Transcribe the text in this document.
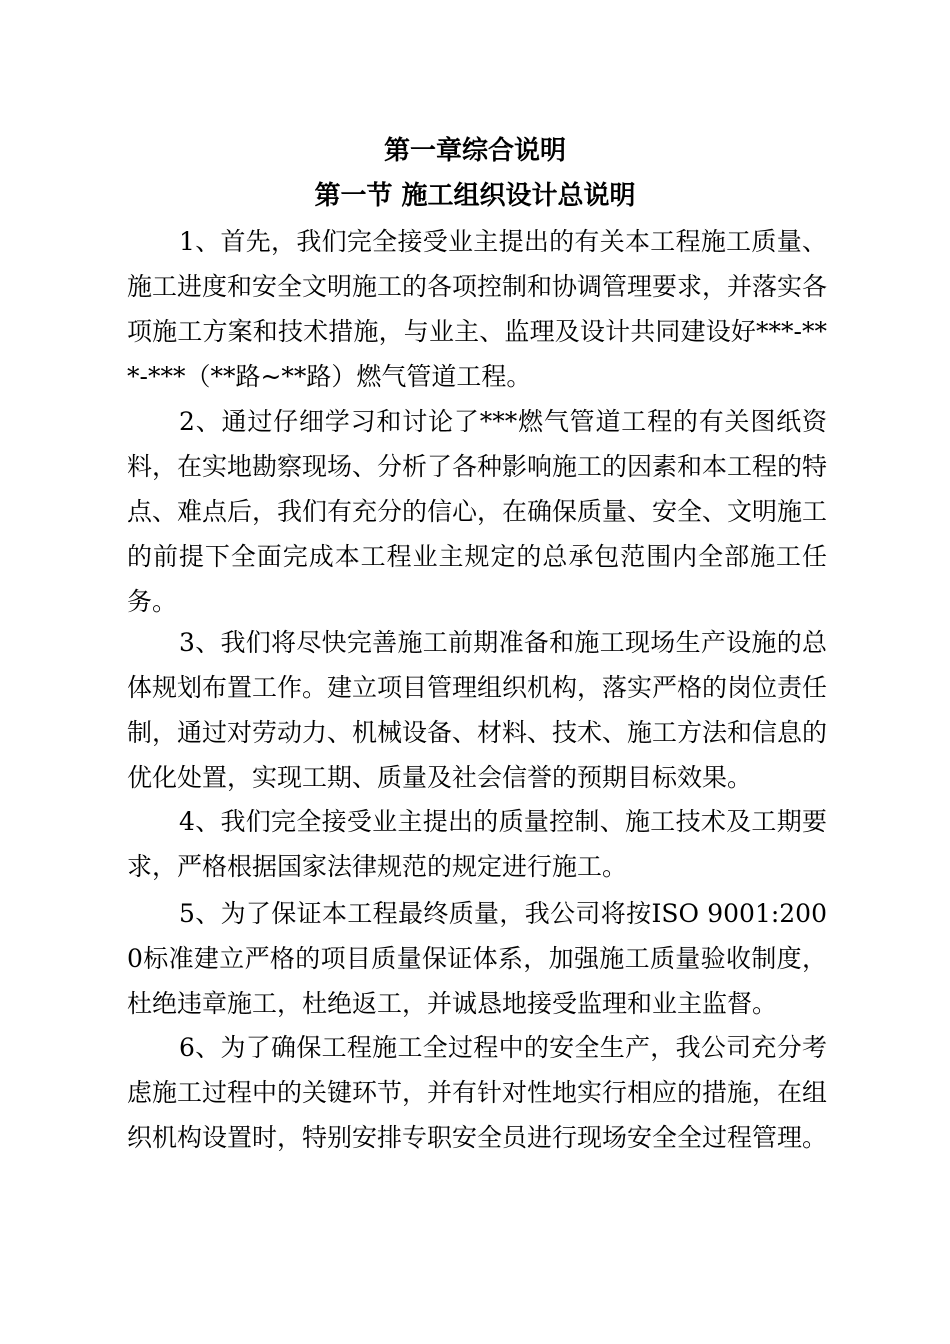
第一章综合说明
第一节 施工组织设计总说明

1、首先，我们完全接受业主提出的有关本工程施工质量、施工进度和安全文明施工的各项控制和协调管理要求，并落实各项施工方案和技术措施，与业主、监理及设计共同建设好***-***-***（**路~**路）燃气管道工程。

2、通过仔细学习和讨论了***燃气管道工程的有关图纸资料，在实地勘察现场、分析了各种影响施工的因素和本工程的特点、难点后，我们有充分的信心，在确保质量、安全、文明施工的前提下全面完成本工程业主规定的总承包范围内全部施工任务。

3、我们将尽快完善施工前期准备和施工现场生产设施的总体规划布置工作。建立项目管理组织机构，落实严格的岗位责任制，通过对劳动力、机械设备、材料、技术、施工方法和信息的优化处置，实现工期、质量及社会信誉的预期目标效果。

4、我们完全接受业主提出的质量控制、施工技术及工期要求，严格根据国家法律规范的规定进行施工。

5、为了保证本工程最终质量，我公司将按ISO 9001:2000标准建立严格的项目质量保证体系，加强施工质量验收制度，杜绝违章施工，杜绝返工，并诚恳地接受监理和业主监督。

6、为了确保工程施工全过程中的安全生产，我公司充分考虑施工过程中的关键环节，并有针对性地实行相应的措施，在组织机构设置时，特别安排专职安全员进行现场安全全过程管理。
